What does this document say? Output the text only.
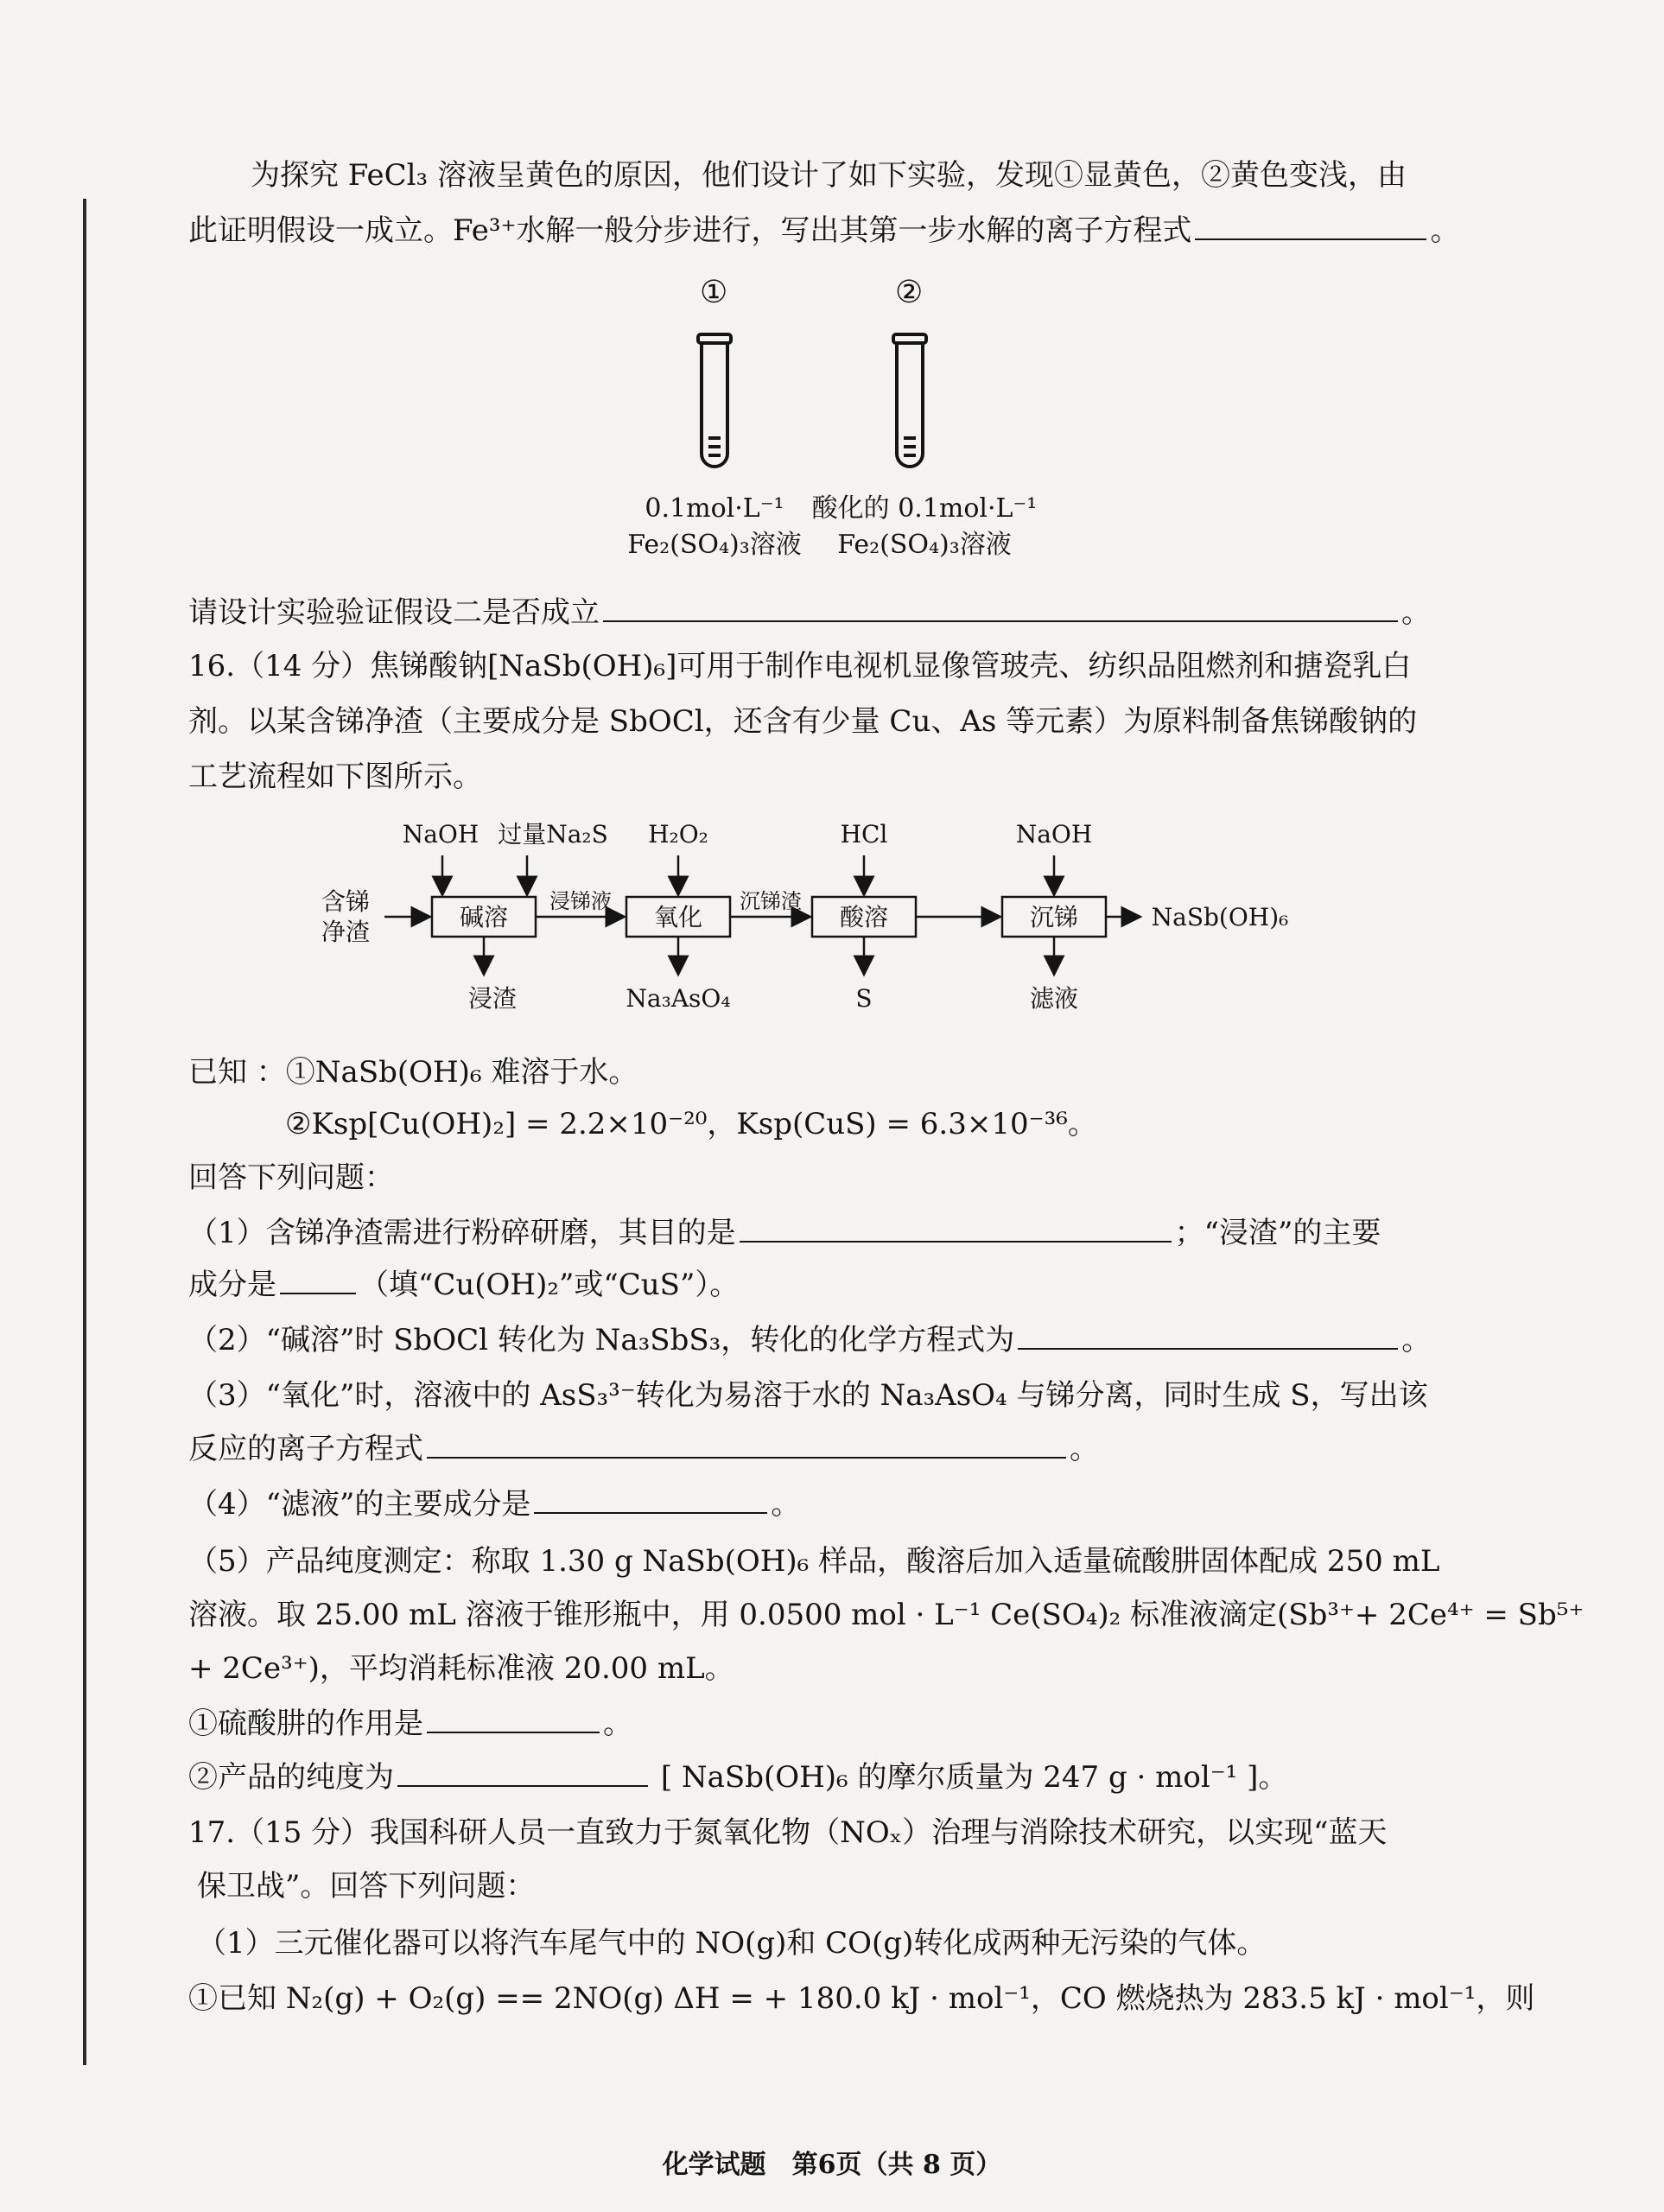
为探究 FeCl₃ 溶液呈黄色的原因，他们设计了如下实验，发现①显黄色，②黄色变浅，由
此证明假设一成立。Fe³⁺水解一般分步进行，写出其第一步水解的离子方程式	。
①	②
0.1mol·L⁻¹
Fe₂(SO₄)₃溶液
酸化的 0.1mol·L⁻¹
Fe₂(SO₄)₃溶液
请设计实验验证假设二是否成立	。
16.（14 分）焦锑酸钠[NaSb(OH)₆]可用于制作电视机显像管玻壳、纺织品阻燃剂和搪瓷乳白
剂。以某含锑净渣（主要成分是 SbOCl，还含有少量 Cu、As 等元素）为原料制备焦锑酸钠的
工艺流程如下图所示。
含锑
净渣
NaOH 过量Na₂S H₂O₂	HCl	NaOH
碱溶	氧化	酸溶	沉锑
浸锑液	沉锑渣
浸渣	Na₃AsO₄	S	滤液
NaSb(OH)₆
已知 ：①NaSb(OH)₆ 难溶于水。
②Ksp[Cu(OH)₂] = 2.2×10⁻²⁰，Ksp(CuS) = 6.3×10⁻³⁶。
回答下列问题：
（1）含锑净渣需进行粉碎研磨，其目的是	；“浸渣”的主要
成分是	（填“Cu(OH)₂”或“CuS”）。
（2）“碱溶”时 SbOCl 转化为 Na₃SbS₃，转化的化学方程式为	。
（3）“氧化”时，溶液中的 AsS₃³⁻转化为易溶于水的 Na₃AsO₄ 与锑分离，同时生成 S，写出该
反应的离子方程式	。
（4）“滤液”的主要成分是	。
（5）产品纯度测定：称取 1.30 g NaSb(OH)₆ 样品，酸溶后加入适量硫酸肼固体配成 250 mL
溶液。取 25.00 mL 溶液于锥形瓶中，用 0.0500 mol · L⁻¹ Ce(SO₄)₂ 标准液滴定(Sb³⁺+ 2Ce⁴⁺ = Sb⁵⁺
+ 2Ce³⁺)，平均消耗标准液 20.00 mL。
①硫酸肼的作用是	。
②产品的纯度为	[ NaSb(OH)₆ 的摩尔质量为 247 g · mol⁻¹ ]。
17.（15 分）我国科研人员一直致力于氮氧化物（NOₓ）治理与消除技术研究，以实现“蓝天
保卫战”。回答下列问题：
（1）三元催化器可以将汽车尾气中的 NO(g)和 CO(g)转化成两种无污染的气体。
①已知 N₂(g) + O₂(g) == 2NO(g) ΔH = + 180.0 kJ · mol⁻¹，CO 燃烧热为 283.5 kJ · mol⁻¹，则
化学试题　第6页（共 8 页）
